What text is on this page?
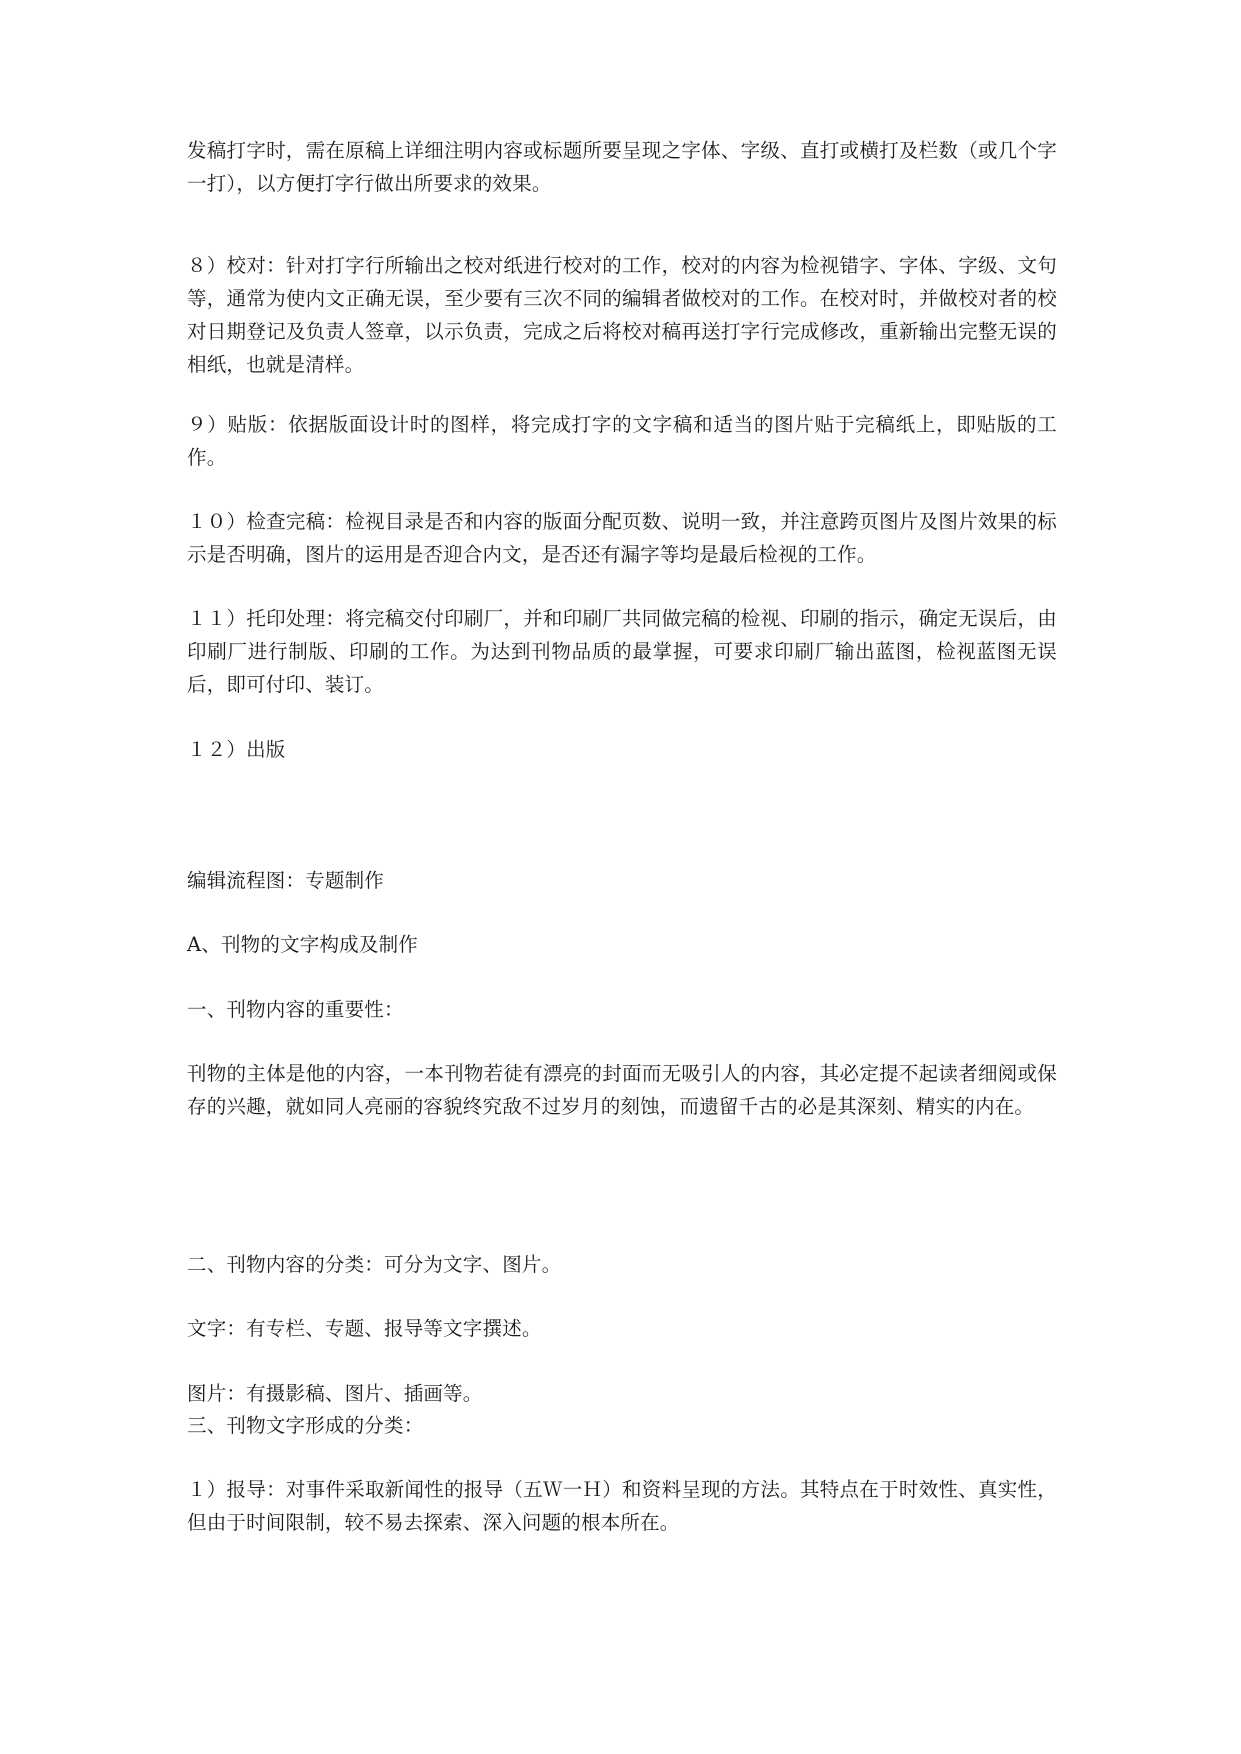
发稿打字时，需在原稿上详细注明内容或标题所要呈现之字体、字级、直打或横打及栏数（或几个字一打），以方便打字行做出所要求的效果。

８）校对：针对打字行所输出之校对纸进行校对的工作，校对的内容为检视错字、字体、字级、文句等，通常为使内文正确无误，至少要有三次不同的编辑者做校对的工作。在校对时，并做校对者的校对日期登记及负责人签章，以示负责，完成之后将校对稿再送打字行完成修改，重新输出完整无误的相纸，也就是清样。

９）贴版：依据版面设计时的图样，将完成打字的文字稿和适当的图片贴于完稿纸上，即贴版的工作。

１０）检查完稿：检视目录是否和内容的版面分配页数、说明一致，并注意跨页图片及图片效果的标示是否明确，图片的运用是否迎合内文，是否还有漏字等均是最后检视的工作。

１１）托印处理：将完稿交付印刷厂，并和印刷厂共同做完稿的检视、印刷的指示，确定无误后，由印刷厂进行制版、印刷的工作。为达到刊物品质的最掌握，可要求印刷厂输出蓝图，检视蓝图无误后，即可付印、装订。

１２）出版

编辑流程图：专题制作

A、刊物的文字构成及制作

一、刊物内容的重要性：

刊物的主体是他的内容，一本刊物若徒有漂亮的封面而无吸引人的内容，其必定提不起读者细阅或保存的兴趣，就如同人亮丽的容貌终究敌不过岁月的刻蚀，而遗留千古的必是其深刻、精实的内在。

二、刊物内容的分类：可分为文字、图片。

文字：有专栏、专题、报导等文字撰述。

图片：有摄影稿、图片、插画等。

三、刊物文字形成的分类：

１）报导：对事件采取新闻性的报导（五Ｗ一Ｈ）和资料呈现的方法。其特点在于时效性、真实性，但由于时间限制，较不易去探索、深入问题的根本所在。
